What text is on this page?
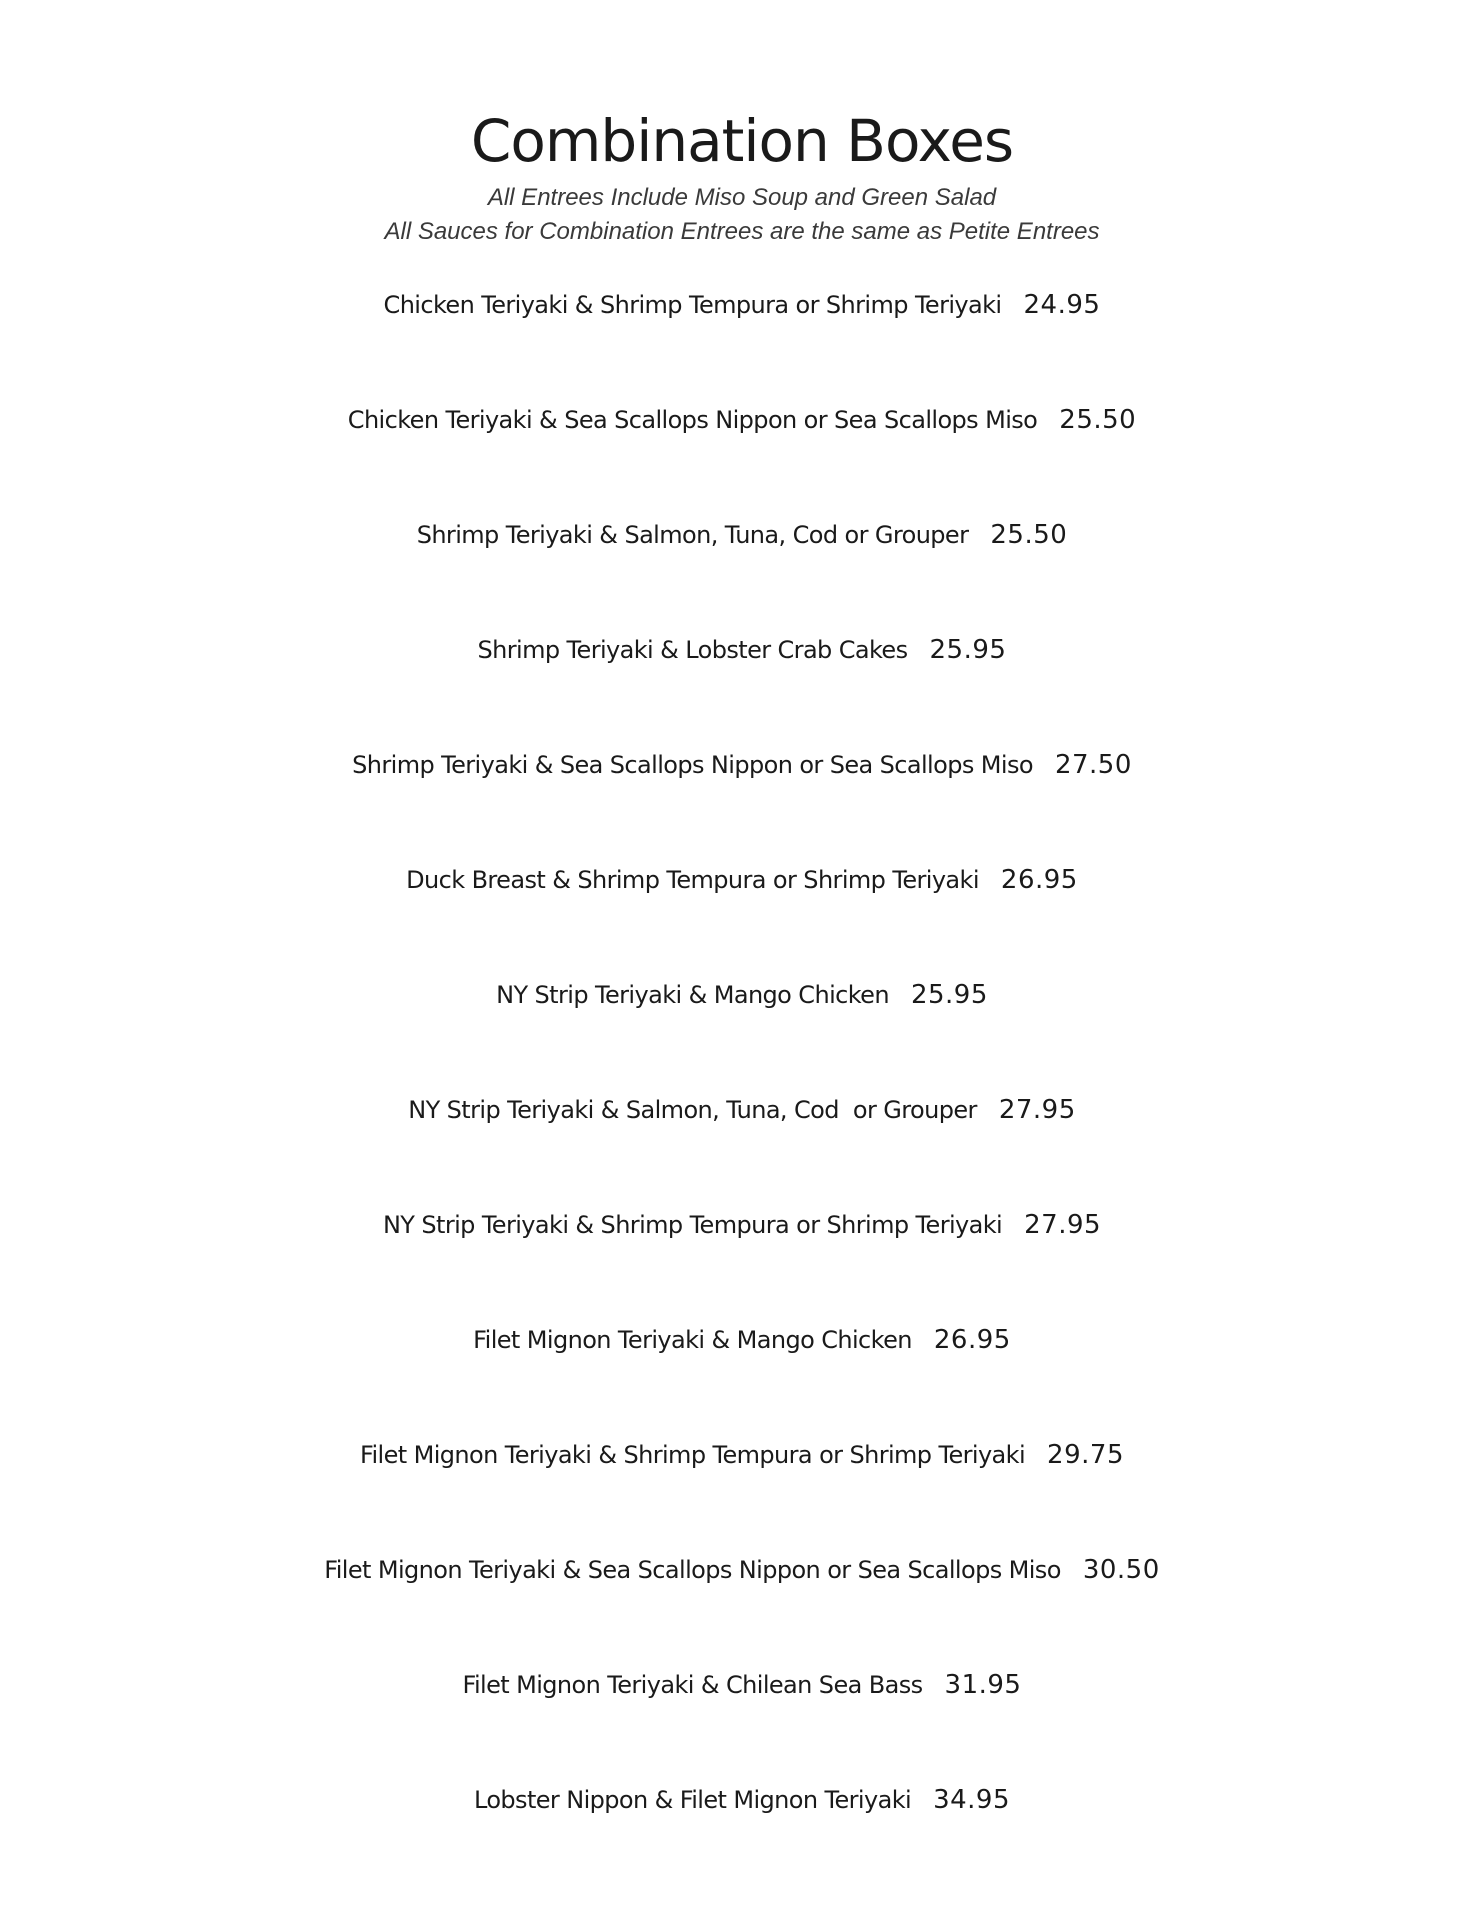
Combination Boxes
All Entrees Include Miso Soup and Green Salad
All Sauces for Combination Entrees are the same as Petite Entrees
Chicken Teriyaki & Shrimp Tempura or Shrimp Teriyaki 24.95
Chicken Teriyaki & Sea Scallops Nippon or Sea Scallops Miso 25.50
Shrimp Teriyaki & Salmon, Tuna, Cod or Grouper 25.50
Shrimp Teriyaki & Lobster Crab Cakes 25.95
Shrimp Teriyaki & Sea Scallops Nippon or Sea Scallops Miso 27.50
Duck Breast & Shrimp Tempura or Shrimp Teriyaki 26.95
NY Strip Teriyaki & Mango Chicken 25.95
NY Strip Teriyaki & Salmon, Tuna, Cod  or Grouper 27.95
NY Strip Teriyaki & Shrimp Tempura or Shrimp Teriyaki 27.95
Filet Mignon Teriyaki & Mango Chicken 26.95
Filet Mignon Teriyaki & Shrimp Tempura or Shrimp Teriyaki 29.75
Filet Mignon Teriyaki & Sea Scallops Nippon or Sea Scallops Miso 30.50
Filet Mignon Teriyaki & Chilean Sea Bass 31.95
Lobster Nippon & Filet Mignon Teriyaki 34.95
